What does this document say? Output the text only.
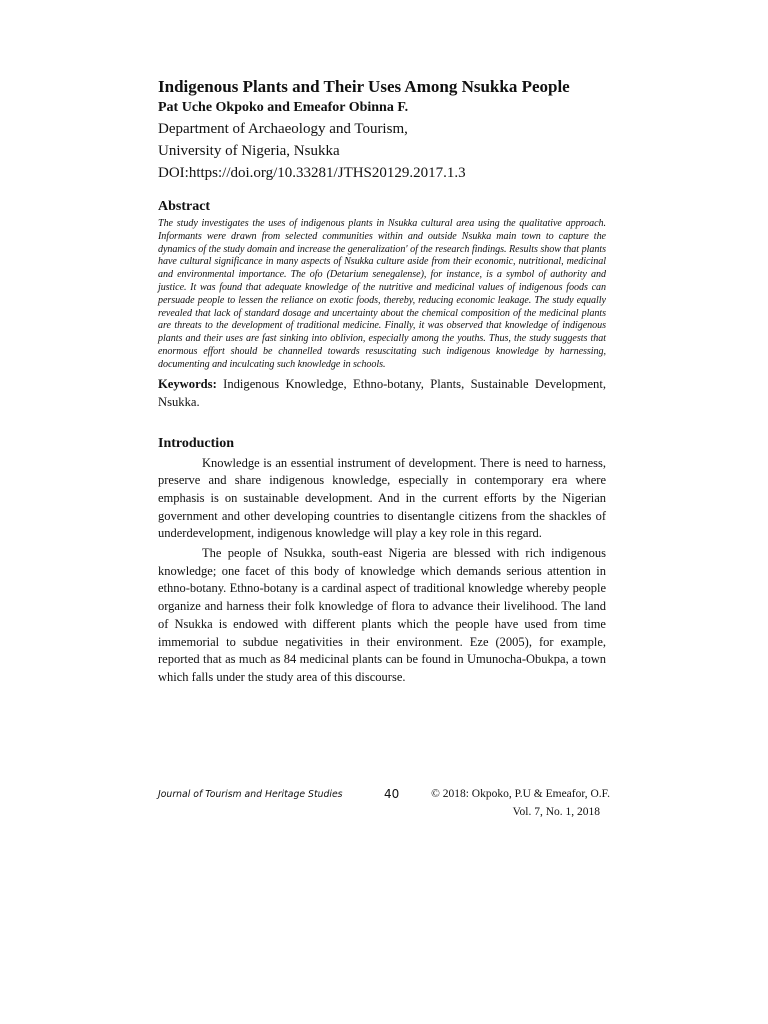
Indigenous Plants and Their Uses Among Nsukka People

Pat Uche Okpoko and Emeafor Obinna F.

Department of Archaeology and Tourism,

University of Nigeria, Nsukka

DOI:https://doi.org/10.33281/JTHS20129.2017.1.3

Abstract

The study investigates the uses of indigenous plants in Nsukka cultural area using the qualitative approach. Informants were drawn from selected communities within and outside Nsukka main town to capture the dynamics of the study domain and increase the generalization' of the research findings. Results show that plants have cultural significance in many aspects of Nsukka culture aside from their economic, nutritional, medicinal and environmental importance. The ofo (Detarium senegalense), for instance, is a symbol of authority and justice. It was found that adequate knowledge of the nutritive and medicinal values of indigenous foods can persuade people to lessen the reliance on exotic foods, thereby, reducing economic leakage. The study equally revealed that lack of standard dosage and uncertainty about the chemical composition of the medicinal plants are threats to the development of traditional medicine. Finally, it was observed that knowledge of indigenous plants and their uses are fast sinking into oblivion, especially among the youths. Thus, the study suggests that enormous effort should be channelled towards resuscitating such indigenous knowledge by harnessing, documenting and inculcating such knowledge in schools.

Keywords: Indigenous Knowledge, Ethno-botany, Plants, Sustainable Development, Nsukka.

Introduction

Knowledge is an essential instrument of development. There is need to harness, preserve and share indigenous knowledge, especially in contemporary era where emphasis is on sustainable development. And in the current efforts by the Nigerian government and other developing countries to disentangle citizens from the shackles of underdevelopment, indigenous knowledge will play a key role in this regard.

The people of Nsukka, south-east Nigeria are blessed with rich indigenous knowledge; one facet of this body of knowledge which demands serious attention in ethno-botany. Ethno-botany is a cardinal aspect of traditional knowledge whereby people organize and harness their folk knowledge of flora to advance their livelihood. The land of Nsukka is endowed with different plants which the people have used from time immemorial to subdue negativities in their environment. Eze (2005), for example, reported that as much as 84 medicinal plants can be found in Umunocha-Obukpa, a town which falls under the study area of this discourse.

Journal of Tourism and Heritage Studies	40	© 2018: Okpoko, P.U & Emeafor, O.F.
Vol. 7, No. 1, 2018
